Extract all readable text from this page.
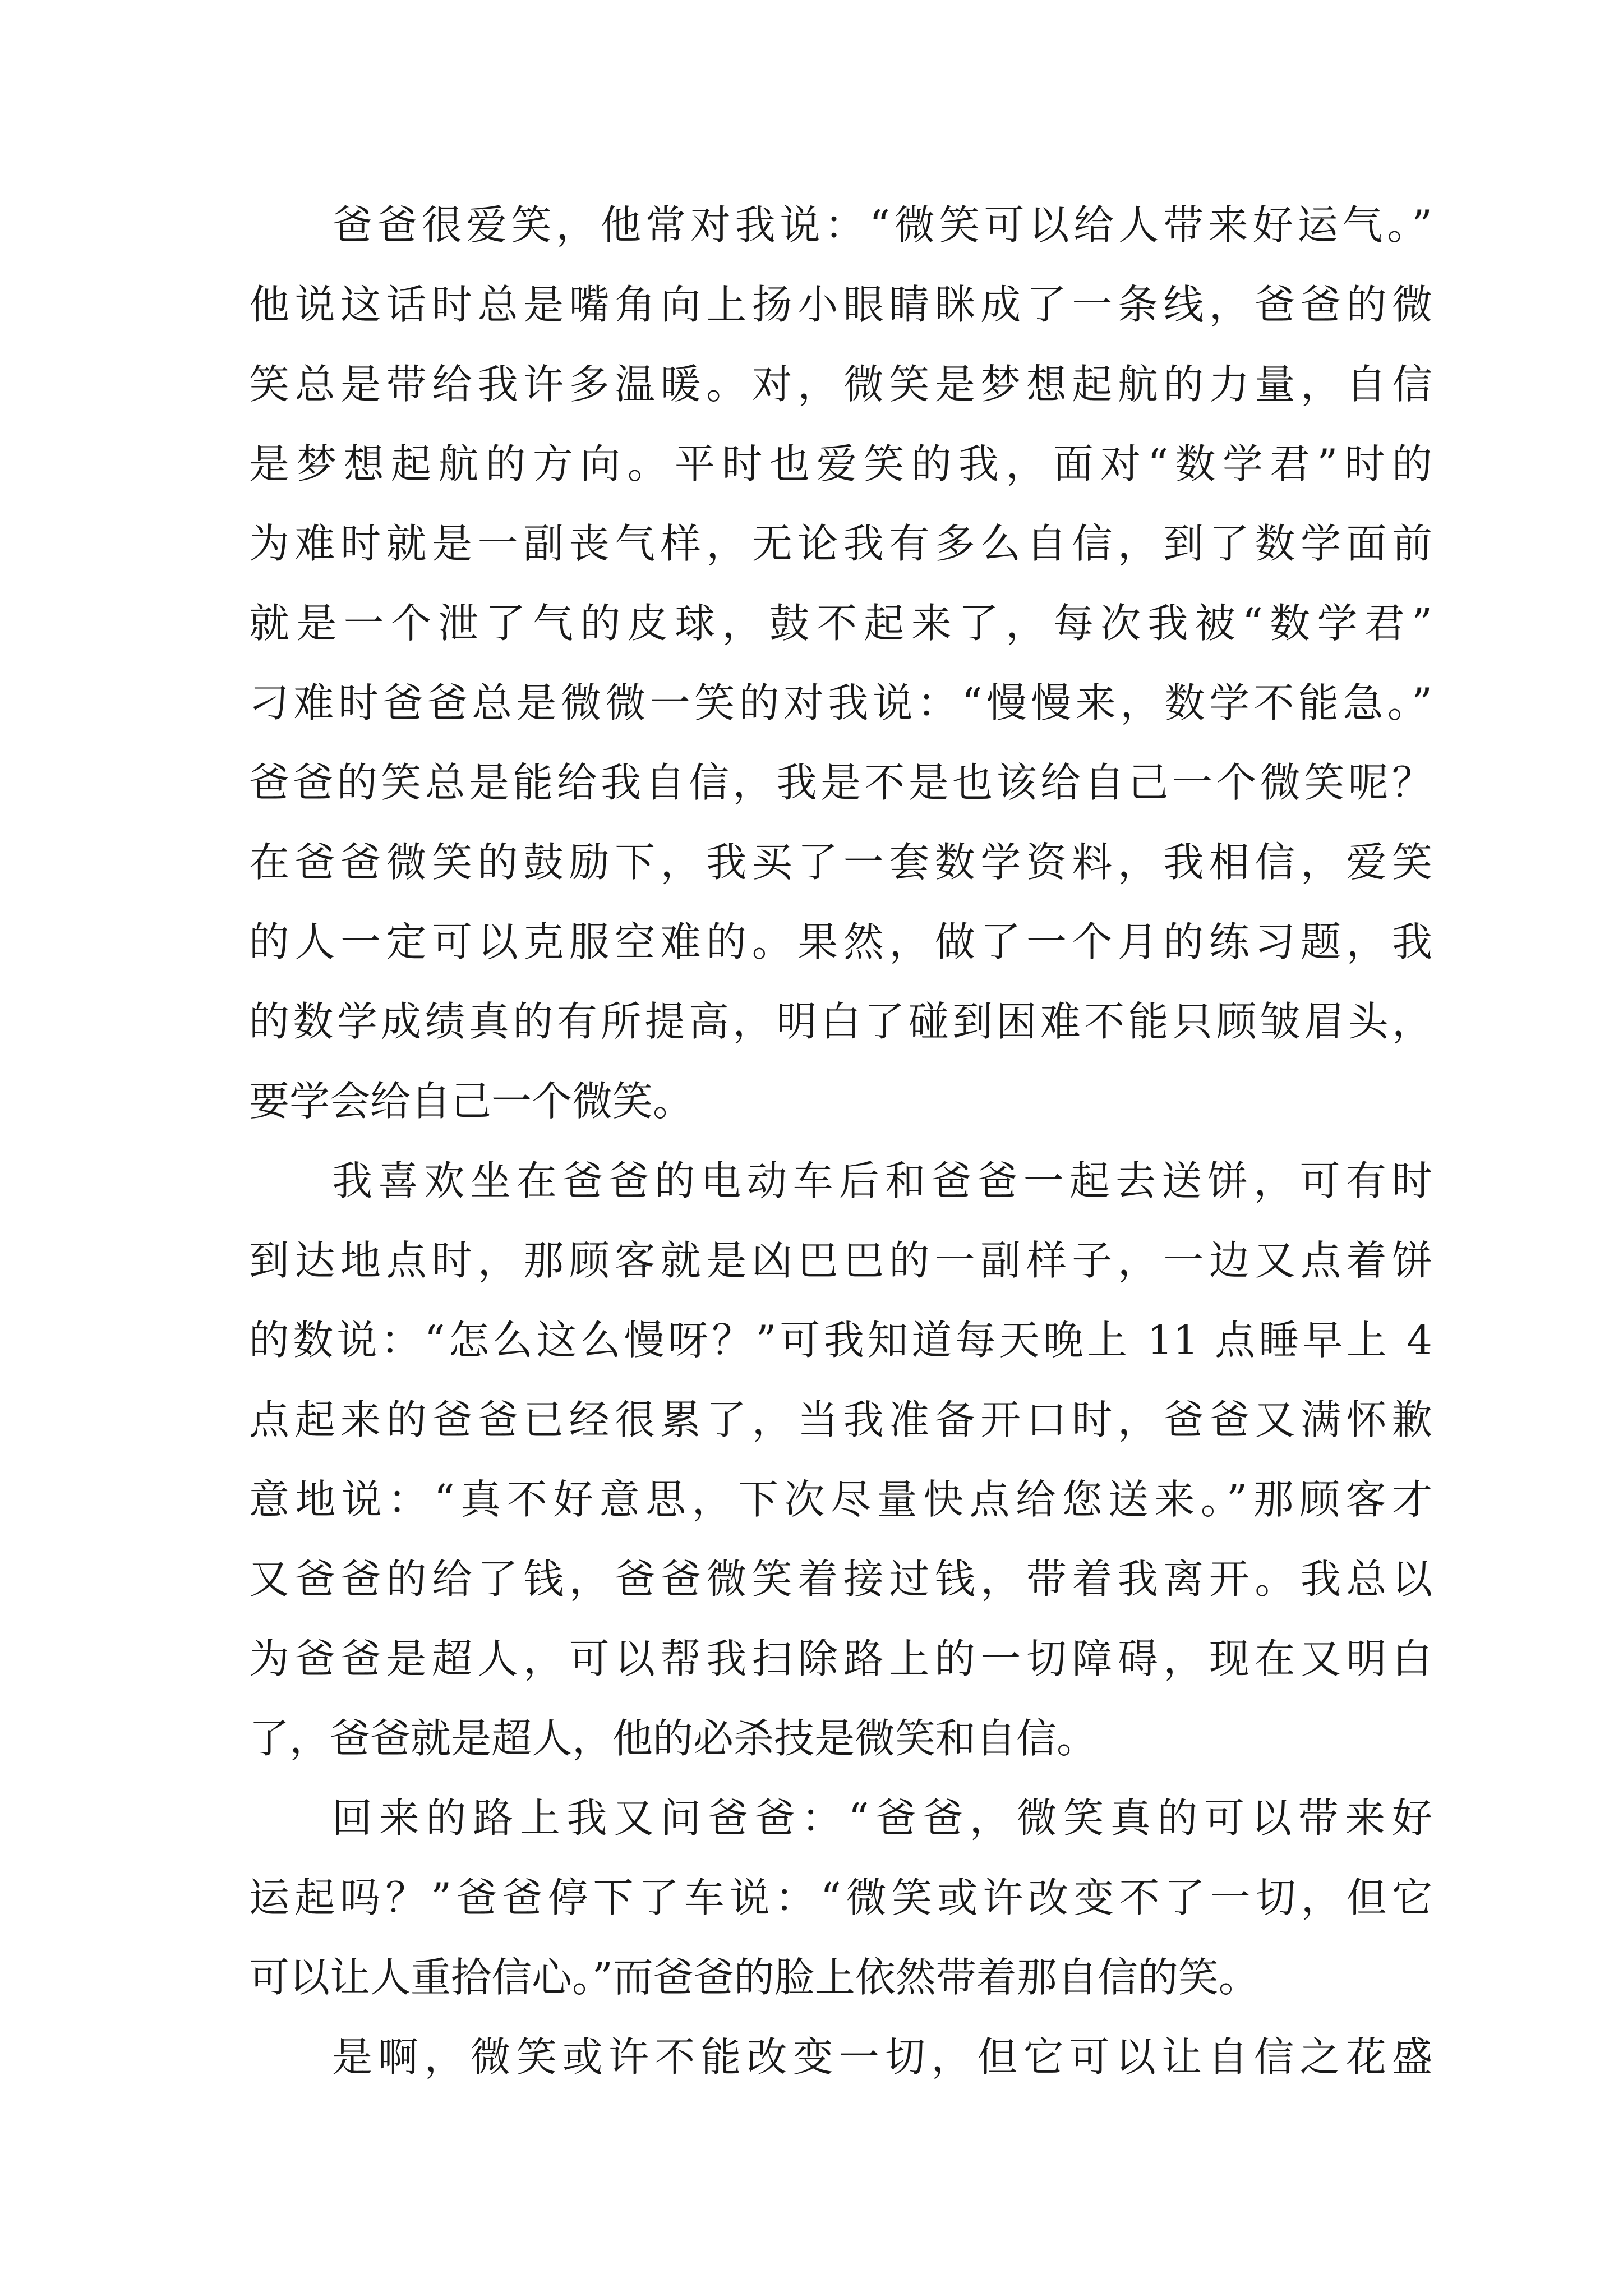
爸爸很爱笑，他常对我说：“微笑可以给人带来好运气。”
他说这话时总是嘴角向上扬小眼睛眯成了一条线，爸爸的微
笑总是带给我许多温暖。对，微笑是梦想起航的力量，自信
是梦想起航的方向。平时也爱笑的我，面对“数学君”时的
为难时就是一副丧气样，无论我有多么自信，到了数学面前
就是一个泄了气的皮球，鼓不起来了，每次我被“数学君”
刁难时爸爸总是微微一笑的对我说：“慢慢来，数学不能急。”
爸爸的笑总是能给我自信，我是不是也该给自己一个微笑呢？
在爸爸微笑的鼓励下，我买了一套数学资料，我相信，爱笑
的人一定可以克服空难的。果然，做了一个月的练习题，我
的数学成绩真的有所提高，明白了碰到困难不能只顾皱眉头，
要学会给自己一个微笑。
我喜欢坐在爸爸的电动车后和爸爸一起去送饼，可有时
到达地点时，那顾客就是凶巴巴的一副样子，一边又点着饼
的数说：“怎么这么慢呀？”可我知道每天晚上 11 点睡早上 4
点起来的爸爸已经很累了，当我准备开口时，爸爸又满怀歉
意地说：“真不好意思，下次尽量快点给您送来。”那顾客才
又爸爸的给了钱，爸爸微笑着接过钱，带着我离开。我总以
为爸爸是超人，可以帮我扫除路上的一切障碍，现在又明白
了，爸爸就是超人，他的必杀技是微笑和自信。
回来的路上我又问爸爸：“爸爸，微笑真的可以带来好
运起吗？”爸爸停下了车说：“微笑或许改变不了一切，但它
可以让人重拾信心。”而爸爸的脸上依然带着那自信的笑。
是啊，微笑或许不能改变一切，但它可以让自信之花盛
